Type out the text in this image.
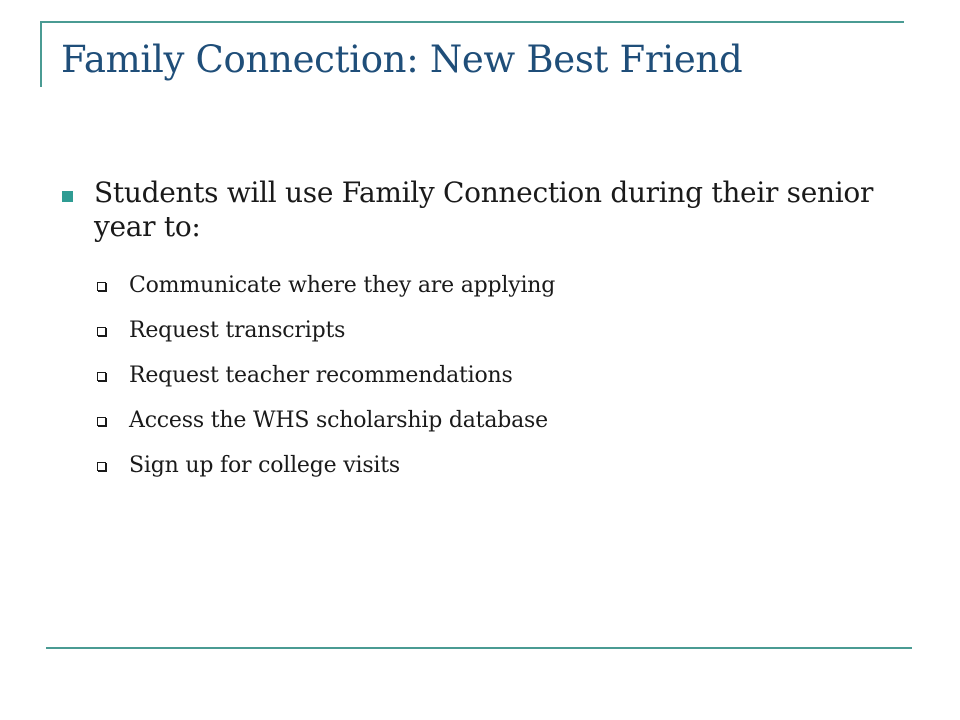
Family Connection: New Best Friend

Students will use Family Connection during their senior year to:

Communicate where they are applying
Request transcripts
Request teacher recommendations
Access the WHS scholarship database
Sign up for college visits
